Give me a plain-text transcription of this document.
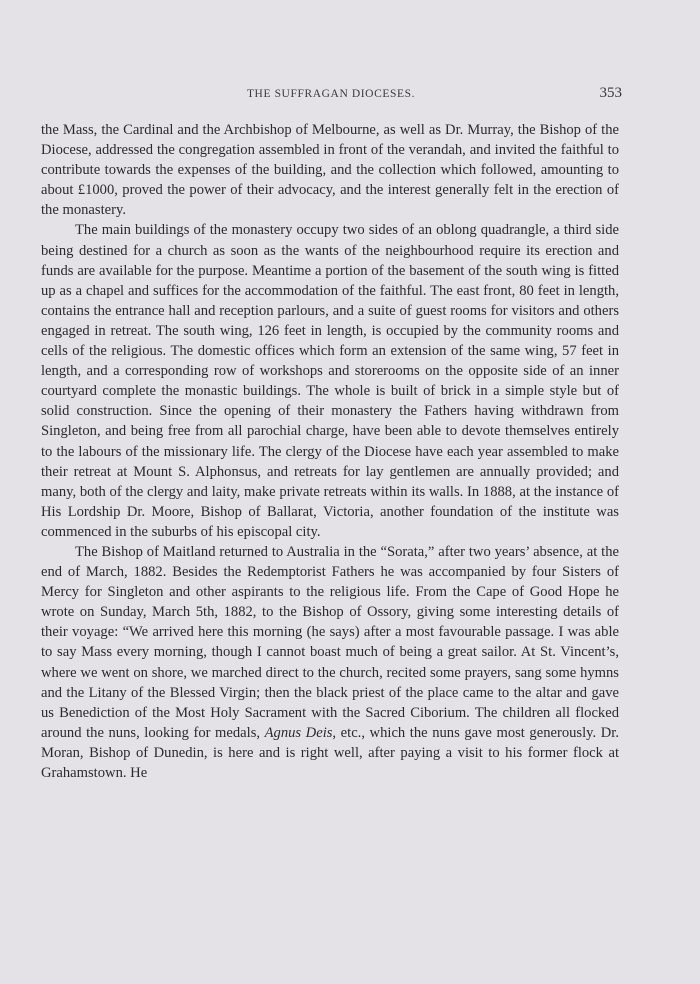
THE SUFFRAGAN DIOCESES.	353

the Mass, the Cardinal and the Archbishop of Melbourne, as well as Dr. Murray, the Bishop of the Diocese, addressed the congregation assembled in front of the verandah, and invited the faithful to contribute towards the expenses of the building, and the collection which followed, amounting to about £1000, proved the power of their advocacy, and the interest generally felt in the erection of the monastery.

The main buildings of the monastery occupy two sides of an oblong quadrangle, a third side being destined for a church as soon as the wants of the neighbourhood require its erection and funds are available for the purpose. Meantime a portion of the basement of the south wing is fitted up as a chapel and suffices for the accommodation of the faithful. The east front, 80 feet in length, contains the entrance hall and reception parlours, and a suite of guest rooms for visitors and others engaged in retreat. The south wing, 126 feet in length, is occupied by the community rooms and cells of the religious. The domestic offices which form an extension of the same wing, 57 feet in length, and a corresponding row of workshops and storerooms on the opposite side of an inner courtyard complete the monastic buildings. The whole is built of brick in a simple style but of solid construction. Since the opening of their monastery the Fathers having withdrawn from Singleton, and being free from all parochial charge, have been able to devote themselves entirely to the labours of the missionary life. The clergy of the Diocese have each year assembled to make their retreat at Mount S. Alphonsus, and retreats for lay gentlemen are annually provided; and many, both of the clergy and laity, make private retreats within its walls. In 1888, at the instance of His Lordship Dr. Moore, Bishop of Ballarat, Victoria, another foundation of the institute was commenced in the suburbs of his episcopal city.

The Bishop of Maitland returned to Australia in the “Sorata,” after two years’ absence, at the end of March, 1882. Besides the Redemptorist Fathers he was accompanied by four Sisters of Mercy for Singleton and other aspirants to the religious life. From the Cape of Good Hope he wrote on Sunday, March 5th, 1882, to the Bishop of Ossory, giving some interesting details of their voyage: “We arrived here this morning (he says) after a most favourable passage. I was able to say Mass every morning, though I cannot boast much of being a great sailor. At St. Vincent’s, where we went on shore, we marched direct to the church, recited some prayers, sang some hymns and the Litany of the Blessed Virgin; then the black priest of the place came to the altar and gave us Benediction of the Most Holy Sacrament with the Sacred Ciborium. The children all flocked around the nuns, looking for medals, Agnus Deis, etc., which the nuns gave most generously. Dr. Moran, Bishop of Dunedin, is here and is right well, after paying a visit to his former flock at Grahamstown. He
